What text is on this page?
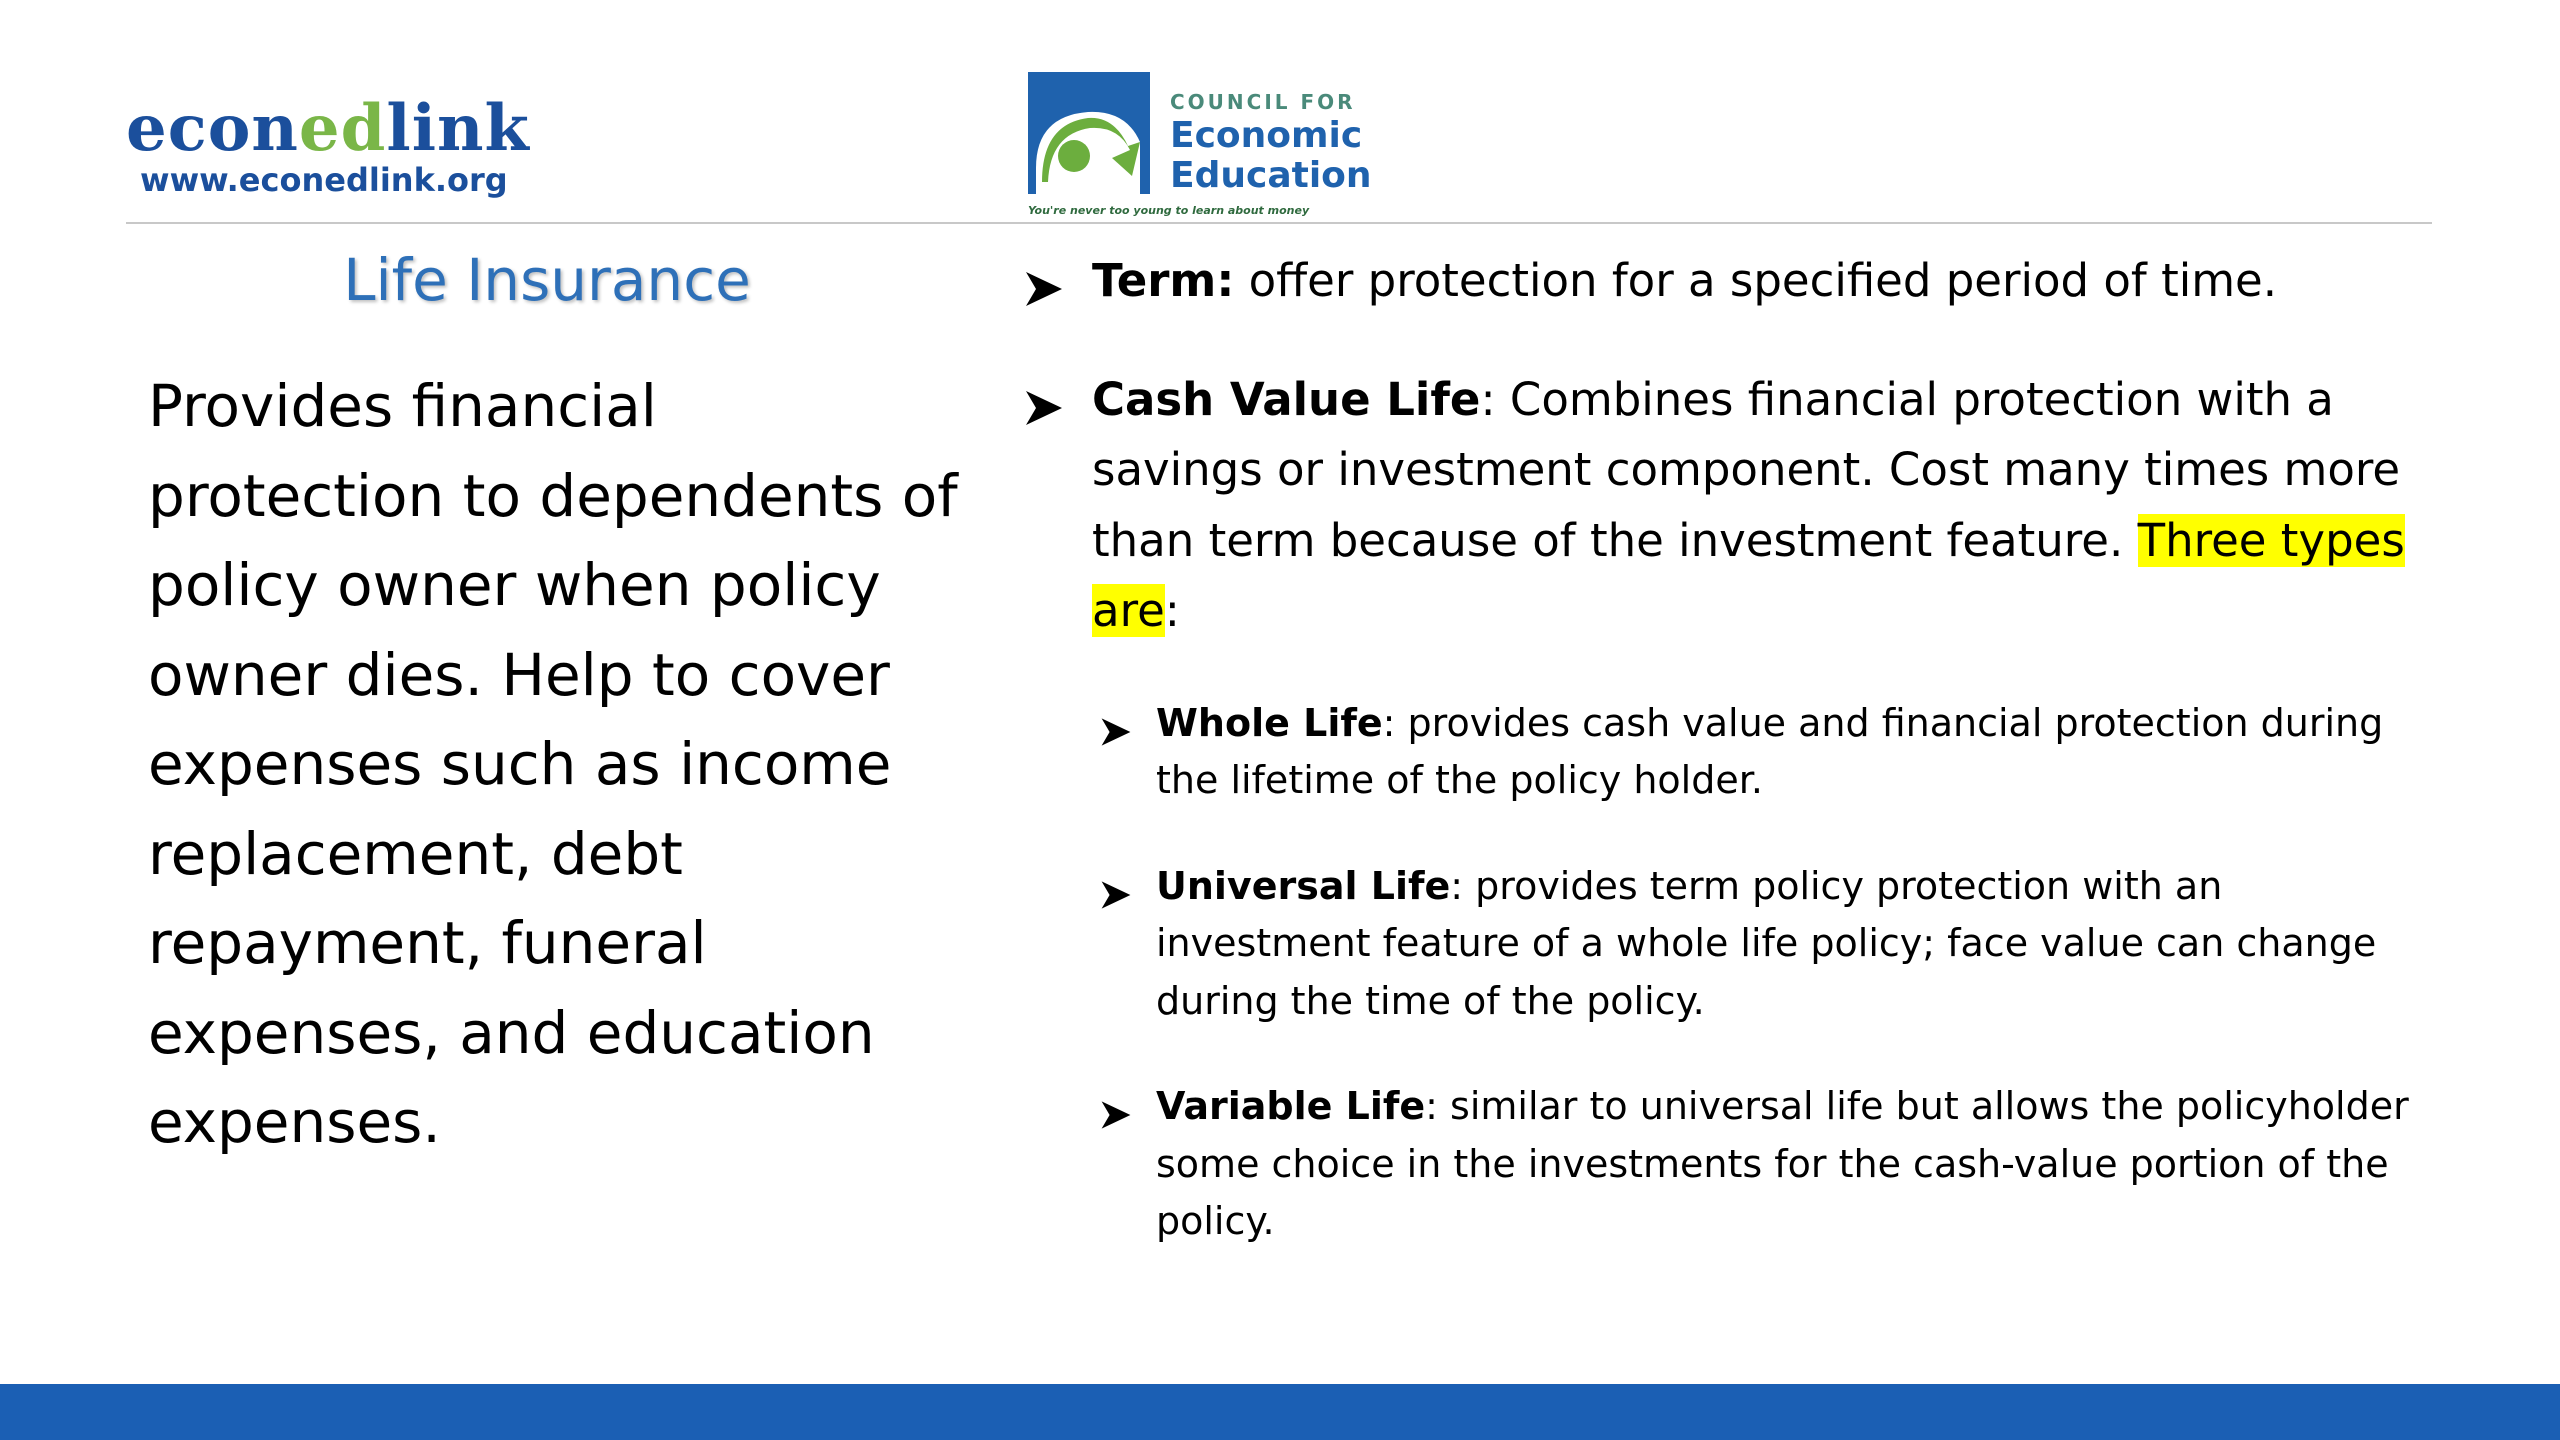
econedlink
www.econedlink.org
COUNCIL FOR
Economic
Education
You're never too young to learn about money
Life Insurance
Provides financial protection to dependents of policy owner when policy owner dies. Help to cover expenses such as income replacement, debt repayment, funeral expenses, and education expenses.
Term: offer protection for a specified period of time.
Cash Value Life: Combines financial protection with a savings or investment component. Cost many times more than term because of the investment feature. Three types are:
Whole Life: provides cash value and financial protection during the lifetime of the policy holder.
Universal Life: provides term policy protection with an investment feature of a whole life policy; face value can change during the time of the policy.
Variable Life: similar to universal life but allows the policyholder some choice in the investments for the cash-value portion of the policy.
